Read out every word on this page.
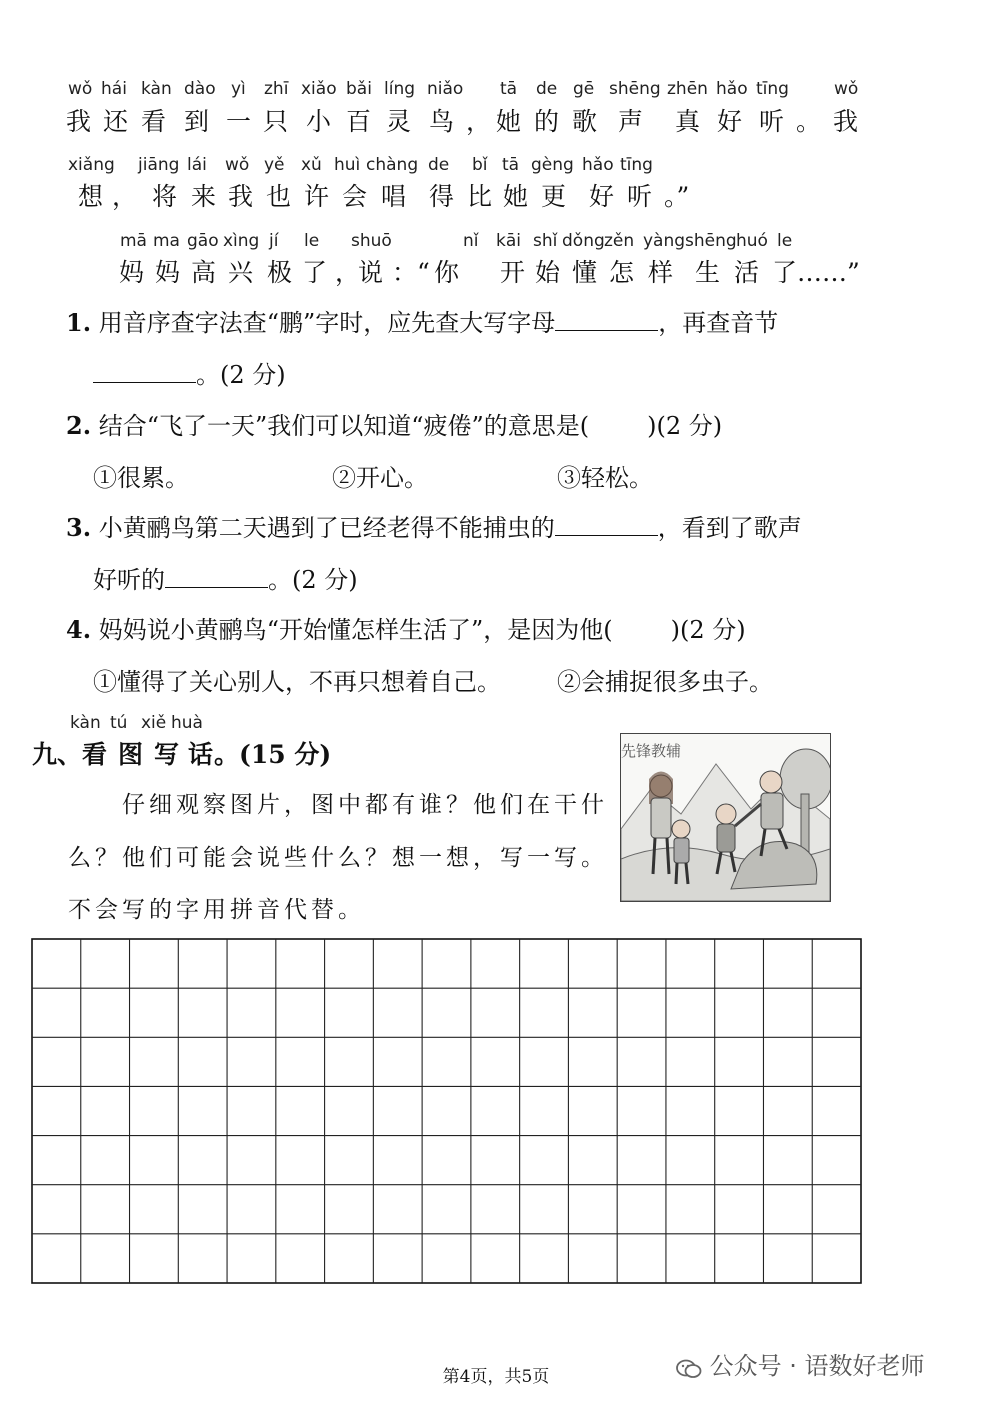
wǒ hái kàn dào yì zhī xiǎo bǎi líng niǎo tā de gē shēng zhēn hǎo tīng	wǒ
我 还 看 到 一 只 小 百 灵 鸟 ， 她 的 歌 声 真 好 听 。 我
xiǎng jiāng lái wǒ yě xǔ huì chàng de bǐ tā gèng hǎo tīng
想 ， 将 来 我 也 许 会 唱 得 比 她 更 好 听 。”
mā ma gāo xìng jí le shuō	nǐ kāi shǐ dǒng zěn yàng shēng huó le
妈 妈 高 兴 极 了 ，
说 ：“ 你 开 始 懂 怎 样 生 活 了……”
1. 用音序查字法查“鹏”字时，应先查大写字母	，再查音节
。(2 分)
2. 结合“飞了一天”我们可以知道“疲倦”的意思是( )(2 分)
①很累。	②开心。	③轻松。
3. 小黄鹂鸟第二天遇到了已经老得不能捕虫的	，看到了歌声
好听的	。(2 分)
4. 妈妈说小黄鹂鸟“开始懂怎样生活了”，是因为他( )(2 分)
①懂得了关心别人，不再只想着自己。 ②会捕捉很多虫子。
kàn tú xiě huà
九、看 图 写 话。(15 分)
仔细观察图片，图中都有谁？他们在干什
么？他们可能会说些什么？想一想，写一写。
不会写的字用拼音代替。
先锋教辅
第4页，共5页	公众号 · 语数好老师
